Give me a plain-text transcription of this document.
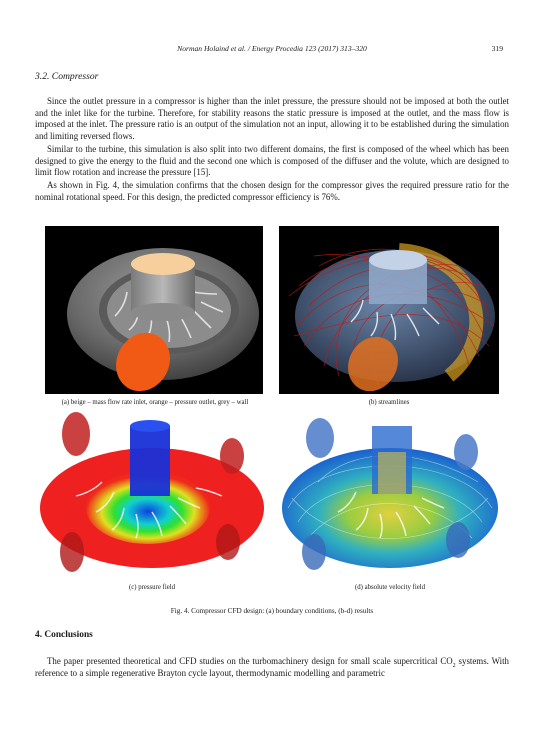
Norman Holaind et al. / Energy Procedia 123 (2017) 313–320	319
3.2. Compressor
Since the outlet pressure in a compressor is higher than the inlet pressure, the pressure should not be imposed at both the outlet and the inlet like for the turbine. Therefore, for stability reasons the static pressure is imposed at the outlet, and the mass flow is imposed at the inlet. The pressure ratio is an output of the simulation not an input, allowing it to be established during the simulation and limiting reversed flows.
Similar to the turbine, this simulation is also split into two different domains, the first is composed of the wheel which has been designed to give the energy to the fluid and the second one which is composed of the diffuser and the volute, which are designed to limit flow rotation and increase the pressure [15].
As shown in Fig. 4, the simulation confirms that the chosen design for the compressor gives the required pressure ratio for the nominal rotational speed. For this design, the predicted compressor efficiency is 76%.
(a) beige – mass flow rate inlet, orange – pressure outlet, grey – wall	(b) streamlines
(c) pressure field	(d) absolute velocity field
Fig. 4. Compressor CFD design: (a) boundary conditions, (b-d) results
4. Conclusions
The paper presented theoretical and CFD studies on the turbomachinery design for small scale supercritical $CO_2$ systems. With reference to a simple regenerative Brayton cycle layout, thermodynamic modelling and parametric
